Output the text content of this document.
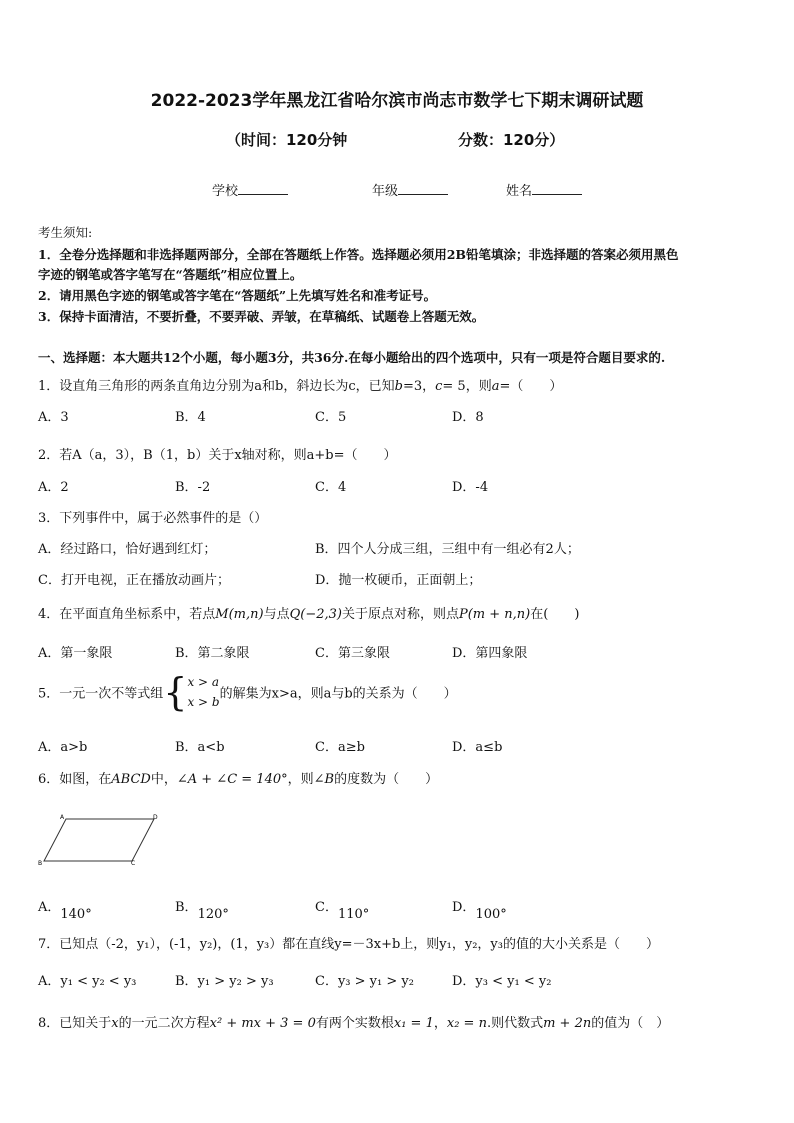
2022-2023学年黑龙江省哈尔滨市尚志市数学七下期末调研试题
（时间：120分钟	分数：120分）
学校	年级	姓名
考生须知:
1．全卷分选择题和非选择题两部分，全部在答题纸上作答。选择题必须用2B铅笔填涂；非选择题的答案必须用黑色
字迹的钢笔或答字笔写在“答题纸”相应位置上。
2．请用黑色字迹的钢笔或答字笔在“答题纸”上先填写姓名和准考证号。
3．保持卡面清洁，不要折叠，不要弄破、弄皱，在草稿纸、试题卷上答题无效。
一、选择题：本大题共12个小题，每小题3分，共36分.在每小题给出的四个选项中，只有一项是符合题目要求的.
1．设直角三角形的两条直角边分别为a和b，斜边长为c，已知b=3，c= 5，则a=（　　）
A．3	B．4	C．5	D．8
2．若A（a，3），B（1，b）关于x轴对称，则a+b=（　　）
A．2	B．-2	C．4	D．-4
3．下列事件中，属于必然事件的是（）
A．经过路口，恰好遇到红灯；	B．四个人分成三组，三组中有一组必有2人；
C．打开电视，正在播放动画片；	D．抛一枚硬币，正面朝上；
4．在平面直角坐标系中，若点M(m,n)与点Q(−2,3)关于原点对称，则点P(m + n,n)在(　　)
A．第一象限	B．第二象限	C．第三象限	D．第四象限
5．一元一次不等式组{x > a
x > b的解集为x>a，则a与b的关系为（　　）
A．a>b	B．a<b	C．a≥b	D．a≤b
6．如图，在ABCD中，∠A + ∠C = 140°，则∠B的度数为（　　）
A	D
B	C
A．140°	B．120°	C．110°	D．100°
7．已知点（-2，y₁），(-1，y₂)，(1，y₃）都在直线y=－3x+b上，则y₁，y₂，y₃的值的大小关系是（　　）
A．y₁ < y₂ < y₃	B．y₁ > y₂ > y₃	C．y₃ > y₁ > y₂	D．y₃ < y₁ < y₂
8．已知关于x的一元二次方程x² + mx + 3 = 0有两个实数根x₁ = 1，x₂ = n.则代数式m + 2n的值为（　）
